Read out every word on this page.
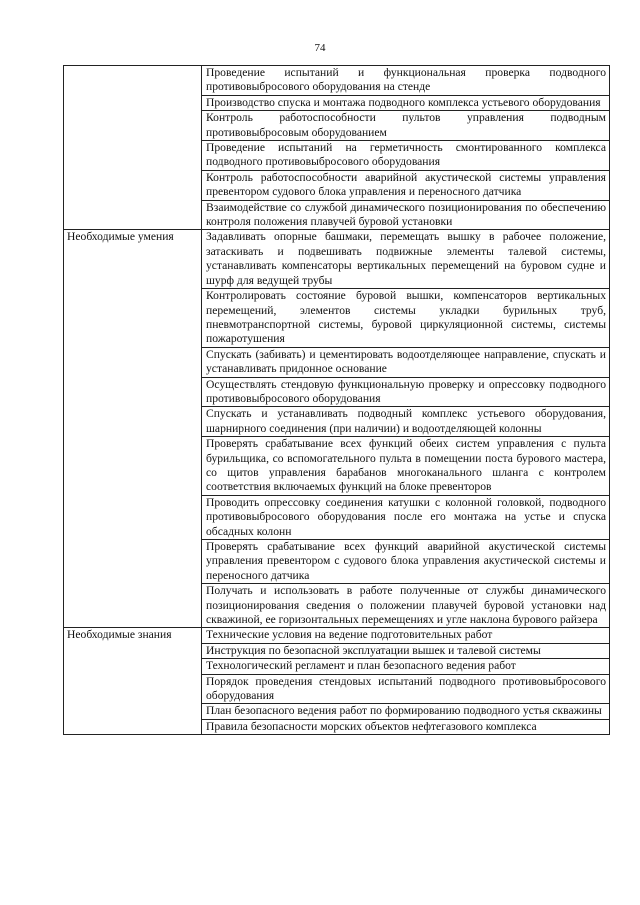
74
	Проведение испытаний и функциональная проверка подводного противовыбросового оборудования на стенде
	Производство спуска и монтажа подводного комплекса устьевого оборудования
	Контроль работоспособности пультов управления подводным противовыбросовым оборудованием
	Проведение испытаний на герметичность смонтированного комплекса подводного противовыбросового оборудования
	Контроль работоспособности аварийной акустической системы управления превентором судового блока управления и переносного датчика
	Взаимодействие со службой динамического позиционирования по обеспечению контроля положения плавучей буровой установки
Необходимые умения	Задавливать опорные башмаки, перемещать вышку в рабочее положение, затаскивать и подвешивать подвижные элементы талевой системы, устанавливать компенсаторы вертикальных перемещений на буровом судне и шурф для ведущей трубы
	Контролировать состояние буровой вышки, компенсаторов вертикальных перемещений, элементов системы укладки бурильных труб, пневмотранспортной системы, буровой циркуляционной системы, системы пожаротушения
	Спускать (забивать) и цементировать водоотделяющее направление, спускать и устанавливать придонное основание
	Осуществлять стендовую функциональную проверку и опрессовку подводного противовыбросового оборудования
	Спускать и устанавливать подводный комплекс устьевого оборудования, шарнирного соединения (при наличии) и водоотделяющей колонны
	Проверять срабатывание всех функций обеих систем управления с пульта бурильщика, со вспомогательного пульта в помещении поста бурового мастера, со щитов управления барабанов многоканального шланга с контролем соответствия включаемых функций на блоке превенторов
	Проводить опрессовку соединения катушки с колонной головкой, подводного противовыбросового оборудования после его монтажа на устье и спуска обсадных колонн
	Проверять срабатывание всех функций аварийной акустической системы управления превентором с судового блока управления акустической системы и переносного датчика
	Получать и использовать в работе полученные от службы динамического позиционирования сведения о положении плавучей буровой установки над скважиной, ее горизонтальных перемещениях и угле наклона бурового райзера
Необходимые знания	Технические условия на ведение подготовительных работ
	Инструкция по безопасной эксплуатации вышек и талевой системы
	Технологический регламент и план безопасного ведения работ
	Порядок проведения стендовых испытаний подводного противовыбросового оборудования
	План безопасного ведения работ по формированию подводного устья скважины
	Правила безопасности морских объектов нефтегазового комплекса
